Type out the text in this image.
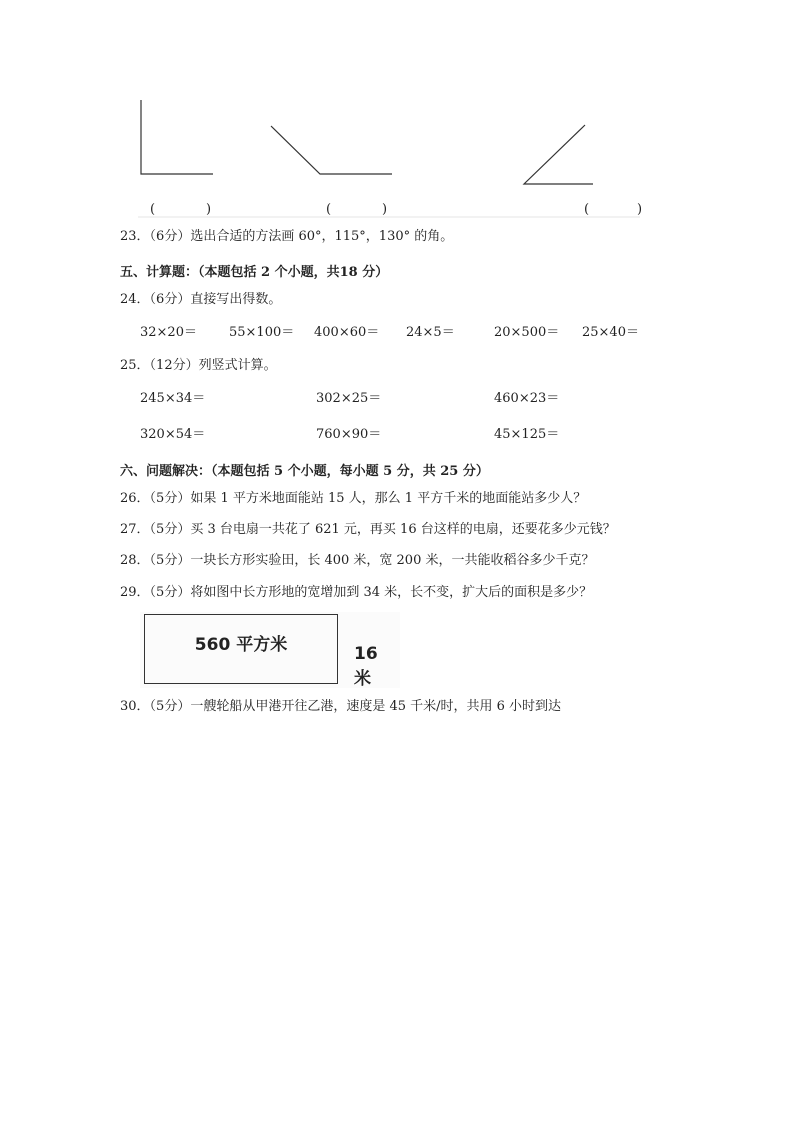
(	)	(	)	(	)
23．（6分）选出合适的方法画 60°，115°，130° 的角。
五、计算题：（本题包括 2 个小题，共18 分）
24．（6分）直接写出得数。
32×20＝ 55×100＝ 400×60＝ 24×5＝	20×500＝ 25×40＝
25．（12分）列竖式计算。
245×34＝	302×25＝	460×23＝
320×54＝	760×90＝	45×125＝
六、问题解决：（本题包括 5 个小题，每小题 5 分，共 25 分）
26．（5分）如果 1 平方米地面能站 15 人，那么 1 平方千米的地面能站多少人？
27．（5分）买 3 台电扇一共花了 621 元，再买 16 台这样的电扇，还要花多少元钱？
28．（5分）一块长方形实验田，长 400 米，宽 200 米，一共能收稻谷多少千克？
29．（5分）将如图中长方形地的宽增加到 34 米，长不变，扩大后的面积是多少？
560 平方米	16 米
30．（5分）一艘轮船从甲港开往乙港，速度是 45 千米/时，共用 6 小时到达
